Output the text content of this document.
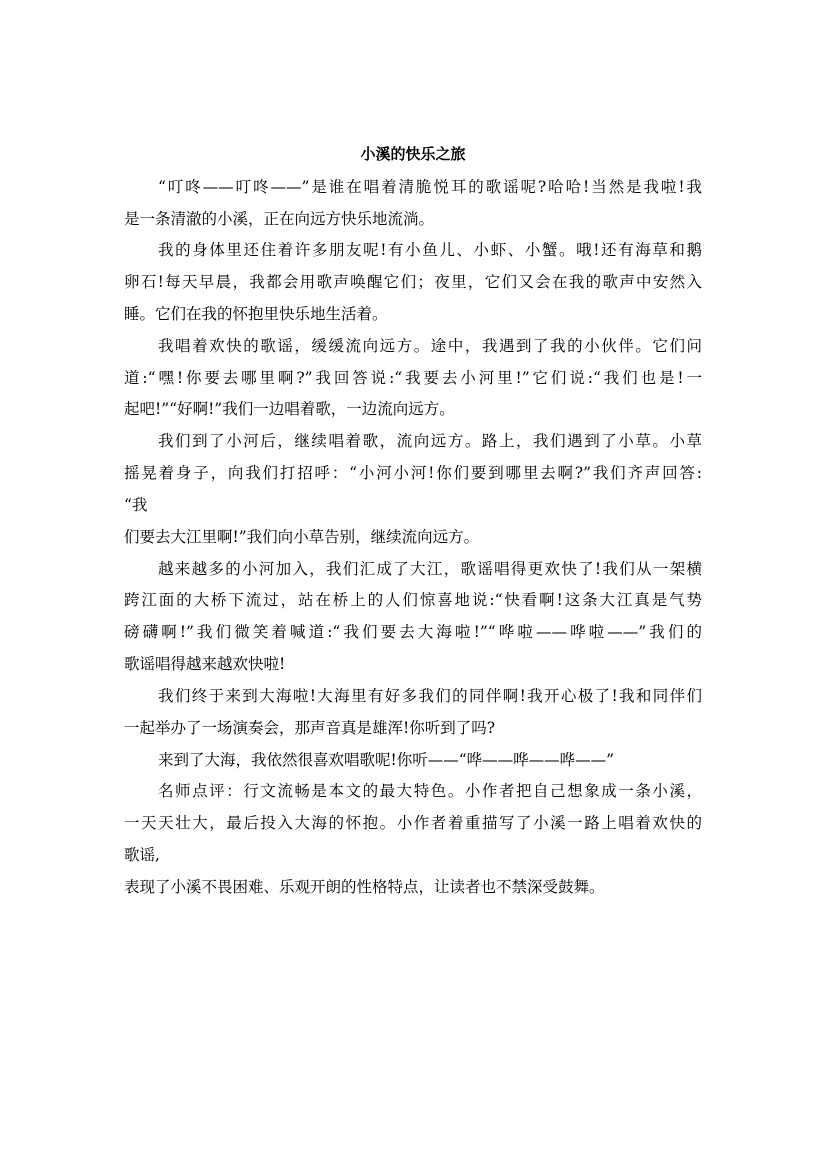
小溪的快乐之旅
“叮咚——叮咚——”是谁在唱着清脆悦耳的歌谣呢?哈哈!当然是我啦!我
是一条清澈的小溪，正在向远方快乐地流淌。
我的身体里还住着许多朋友呢!有小鱼儿、小虾、小蟹。哦!还有海草和鹅
卵石!每天早晨，我都会用歌声唤醒它们；夜里，它们又会在我的歌声中安然入
睡。它们在我的怀抱里快乐地生活着。
我唱着欢快的歌谣，缓缓流向远方。途中，我遇到了我的小伙伴。它们问
道:“嘿!你要去哪里啊?”我回答说:“我要去小河里!”它们说:“我们也是!一
起吧!”“好啊!”我们一边唱着歌，一边流向远方。
我们到了小河后，继续唱着歌，流向远方。路上，我们遇到了小草。小草
摇晃着身子，向我们打招呼：“小河小河!你们要到哪里去啊?”我们齐声回答:
“我
们要去大江里啊!”我们向小草告别，继续流向远方。
越来越多的小河加入，我们汇成了大江，歌谣唱得更欢快了!我们从一架横
跨江面的大桥下流过，站在桥上的人们惊喜地说:“快看啊!这条大江真是气势
磅礴啊!”我们微笑着喊道:“我们要去大海啦!”“哗啦——哗啦——”我们的
歌谣唱得越来越欢快啦!
我们终于来到大海啦!大海里有好多我们的同伴啊!我开心极了!我和同伴们
一起举办了一场演奏会，那声音真是雄浑!你听到了吗?
来到了大海，我依然很喜欢唱歌呢!你听——“哗——哗——哗——”
名师点评：行文流畅是本文的最大特色。小作者把自己想象成一条小溪，
一天天壮大，最后投入大海的怀抱。小作者着重描写了小溪一路上唱着欢快的
歌谣,
表现了小溪不畏困难、乐观开朗的性格特点，让读者也不禁深受鼓舞。
